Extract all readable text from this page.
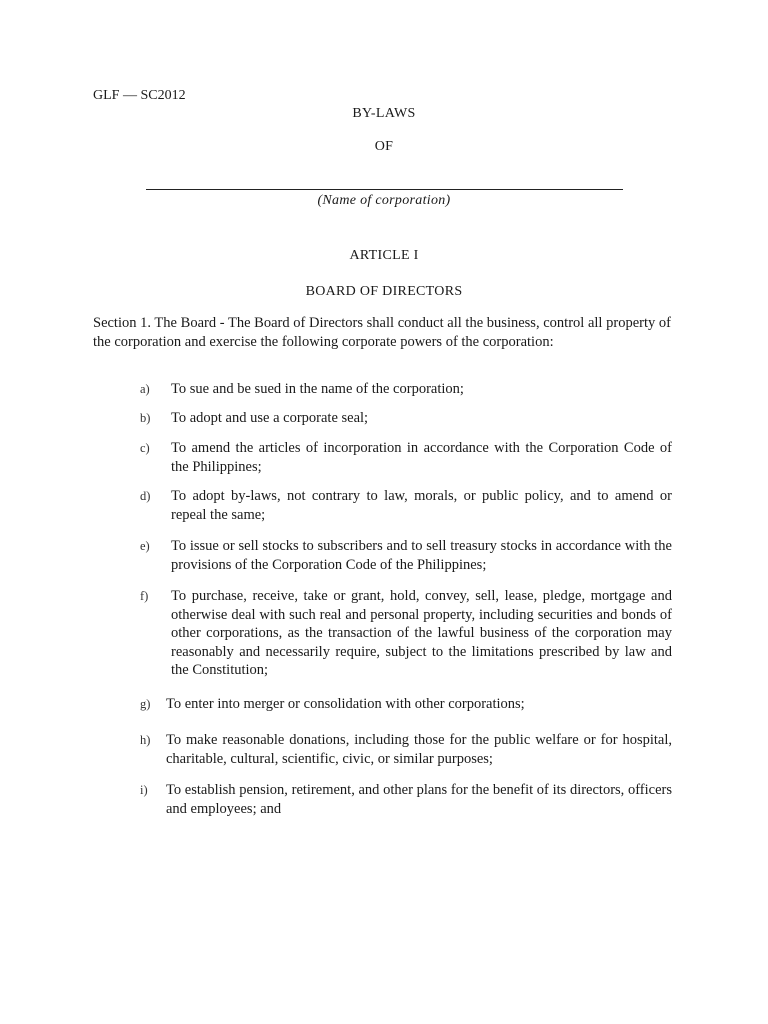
GLF — SC2012
BY-LAWS
OF
(Name of corporation)
ARTICLE I
BOARD OF DIRECTORS
Section 1. The Board - The Board of Directors shall conduct all the business, control all property of the corporation and exercise the following corporate powers of the corporation:
a) To sue and be sued in the name of the corporation;
b) To adopt and use a corporate seal;
c) To amend the articles of incorporation in accordance with the Corporation Code of the Philippines;
d) To adopt by-laws, not contrary to law, morals, or public policy, and to amend or repeal the same;
e) To issue or sell stocks to subscribers and to sell treasury stocks in accordance with the provisions of the Corporation Code of the Philippines;
f) To purchase, receive, take or grant, hold, convey, sell, lease, pledge, mortgage and otherwise deal with such real and personal property, including securities and bonds of other corporations, as the transaction of the lawful business of the corporation may reasonably and necessarily require, subject to the limitations prescribed by law and the Constitution;
g) To enter into merger or consolidation with other corporations;
h) To make reasonable donations, including those for the public welfare or for hospital, charitable, cultural, scientific, civic, or similar purposes;
i) To establish pension, retirement, and other plans for the benefit of its directors, officers and employees; and
